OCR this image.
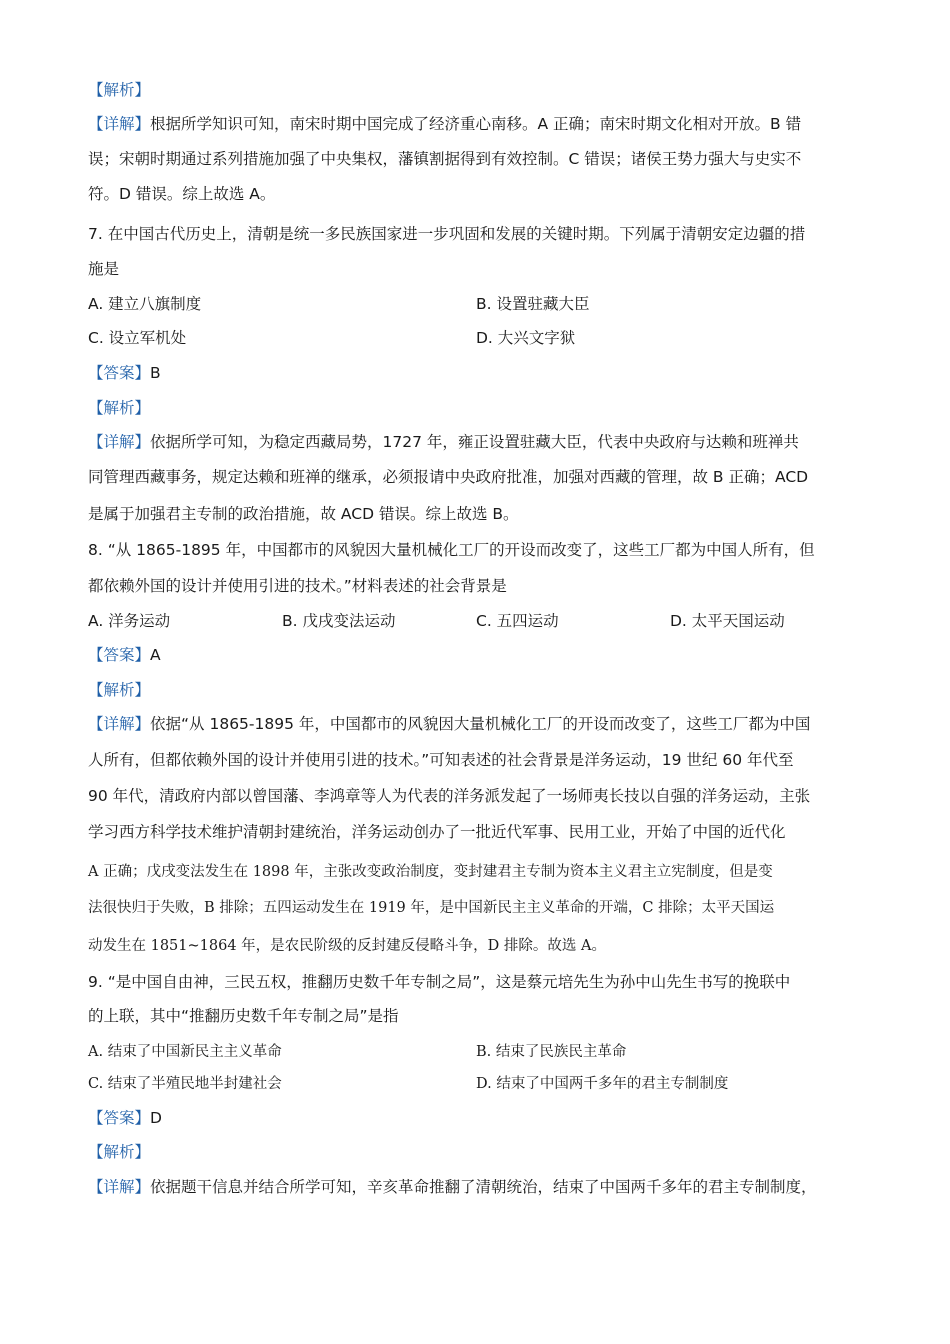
【解析】
【详解】根据所学知识可知，南宋时期中国完成了经济重心南移。A 正确；南宋时期文化相对开放。B 错
误；宋朝时期通过系列措施加强了中央集权，藩镇割据得到有效控制。C 错误；诸侯王势力强大与史实不
符。D 错误。综上故选 A。
7. 在中国古代历史上，清朝是统一多民族国家进一步巩固和发展的关键时期。下列属于清朝安定边疆的措
施是
A. 建立八旗制度	B. 设置驻藏大臣
C. 设立军机处	D. 大兴文字狱
【答案】B
【解析】
【详解】依据所学可知，为稳定西藏局势，1727 年，雍正设置驻藏大臣，代表中央政府与达赖和班禅共
同管理西藏事务，规定达赖和班禅的继承，必须报请中央政府批准，加强对西藏的管理，故 B 正确；ACD
是属于加强君主专制的政治措施，故 ACD 错误。综上故选 B。
8. “从 1865-1895 年，中国都市的风貌因大量机械化工厂的开设而改变了，这些工厂都为中国人所有，但
都依赖外国的设计并使用引进的技术。”材料表述的社会背景是
A. 洋务运动	B. 戊戌变法运动	C. 五四运动	D. 太平天国运动
【答案】A
【解析】
【详解】依据“从 1865-1895 年，中国都市的风貌因大量机械化工厂的开设而改变了，这些工厂都为中国
人所有，但都依赖外国的设计并使用引进的技术。”可知表述的社会背景是洋务运动，19 世纪 60 年代至
90 年代，清政府内部以曾国藩、李鸿章等人为代表的洋务派发起了一场师夷长技以自强的洋务运动，主张
学习西方科学技术维护清朝封建统治，洋务运动创办了一批近代军事、民用工业，开始了中国的近代化
A 正确；戊戌变法发生在 1898 年，主张改变政治制度，变封建君主专制为资本主义君主立宪制度，但是变
法很快归于失败，B 排除；五四运动发生在 1919 年，是中国新民主主义革命的开端，C 排除；太平天国运
动发生在 1851~1864 年，是农民阶级的反封建反侵略斗争，D 排除。故选 A。
9. “是中国自由神，三民五权，推翻历史数千年专制之局”，这是蔡元培先生为孙中山先生书写的挽联中
的上联，其中“推翻历史数千年专制之局”是指
A. 结束了中国新民主主义革命	B. 结束了民族民主革命
C. 结束了半殖民地半封建社会	D. 结束了中国两千多年的君主专制制度
【答案】D
【解析】
【详解】依据题干信息并结合所学可知，辛亥革命推翻了清朝统治，结束了中国两千多年的君主专制制度，
